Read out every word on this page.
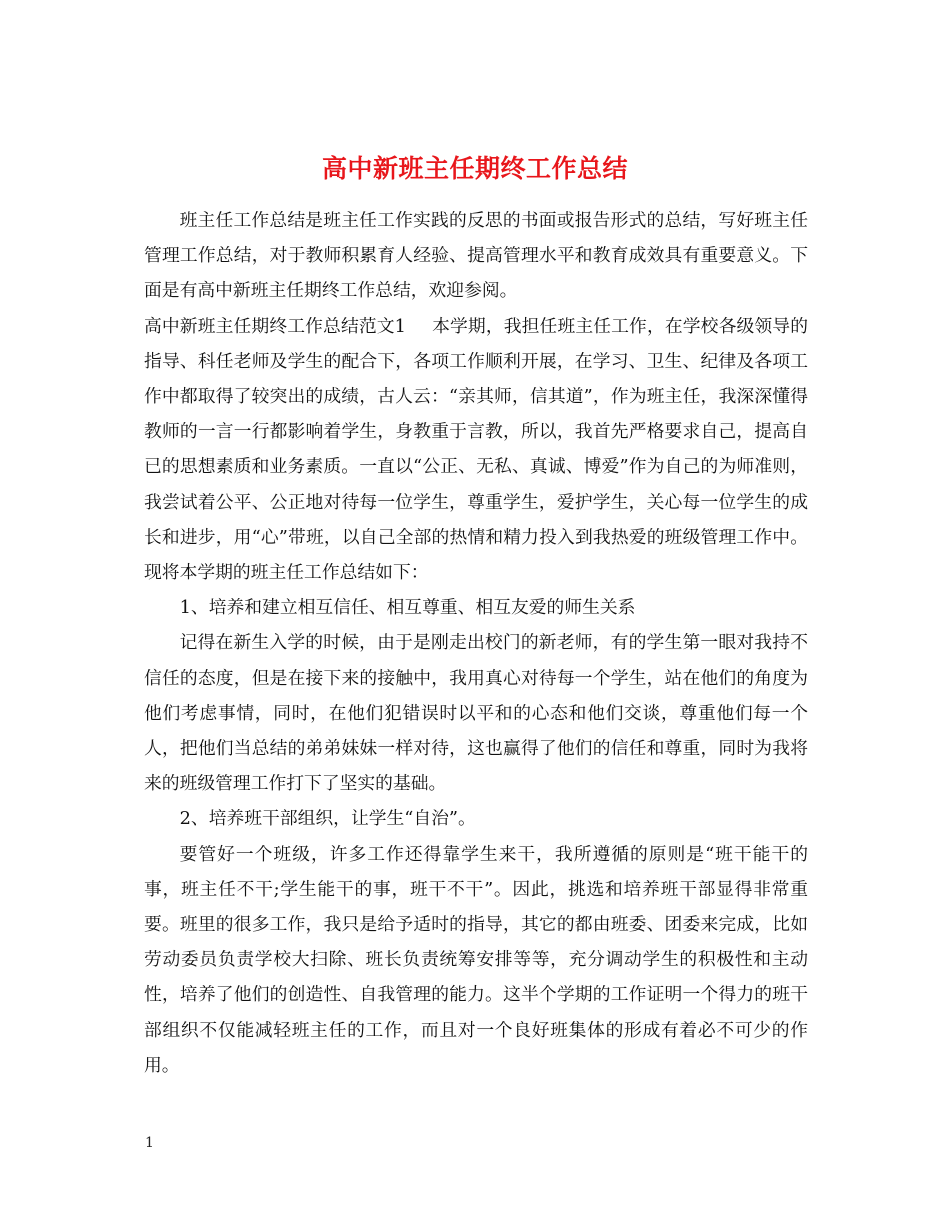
高中新班主任期终工作总结

班主任工作总结是班主任工作实践的反思的书面或报告形式的总结，写好班主任管理工作总结，对于教师积累育人经验、提高管理水平和教育成效具有重要意义。下面是有高中新班主任期终工作总结，欢迎参阅。

高中新班主任期终工作总结范文1 本学期，我担任班主任工作，在学校各级领导的指导、科任老师及学生的配合下，各项工作顺利开展，在学习、卫生、纪律及各项工作中都取得了较突出的成绩，古人云：“亲其师，信其道”，作为班主任，我深深懂得教师的一言一行都影响着学生，身教重于言教，所以，我首先严格要求自己，提高自已的思想素质和业务素质。一直以“公正、无私、真诚、博爱”作为自己的为师准则，我尝试着公平、公正地对待每一位学生，尊重学生，爱护学生，关心每一位学生的成长和进步，用“心”带班，以自己全部的热情和精力投入到我热爱的班级管理工作中。现将本学期的班主任工作总结如下：

1、培养和建立相互信任、相互尊重、相互友爱的师生关系

记得在新生入学的时候，由于是刚走出校门的新老师，有的学生第一眼对我持不信任的态度，但是在接下来的接触中，我用真心对待每一个学生，站在他们的角度为他们考虑事情，同时，在他们犯错误时以平和的心态和他们交谈，尊重他们每一个人，把他们当总结的弟弟妹妹一样对待，这也赢得了他们的信任和尊重，同时为我将来的班级管理工作打下了坚实的基础。

2、培养班干部组织，让学生“自治”。

要管好一个班级，许多工作还得靠学生来干，我所遵循的原则是“班干能干的事，班主任不干;学生能干的事，班干不干”。因此，挑选和培养班干部显得非常重要。班里的很多工作，我只是给予适时的指导，其它的都由班委、团委来完成，比如劳动委员负责学校大扫除、班长负责统筹安排等等，充分调动学生的积极性和主动性，培养了他们的创造性、自我管理的能力。这半个学期的工作证明一个得力的班干部组织不仅能减轻班主任的工作，而且对一个良好班集体的形成有着必不可少的作用。

1
